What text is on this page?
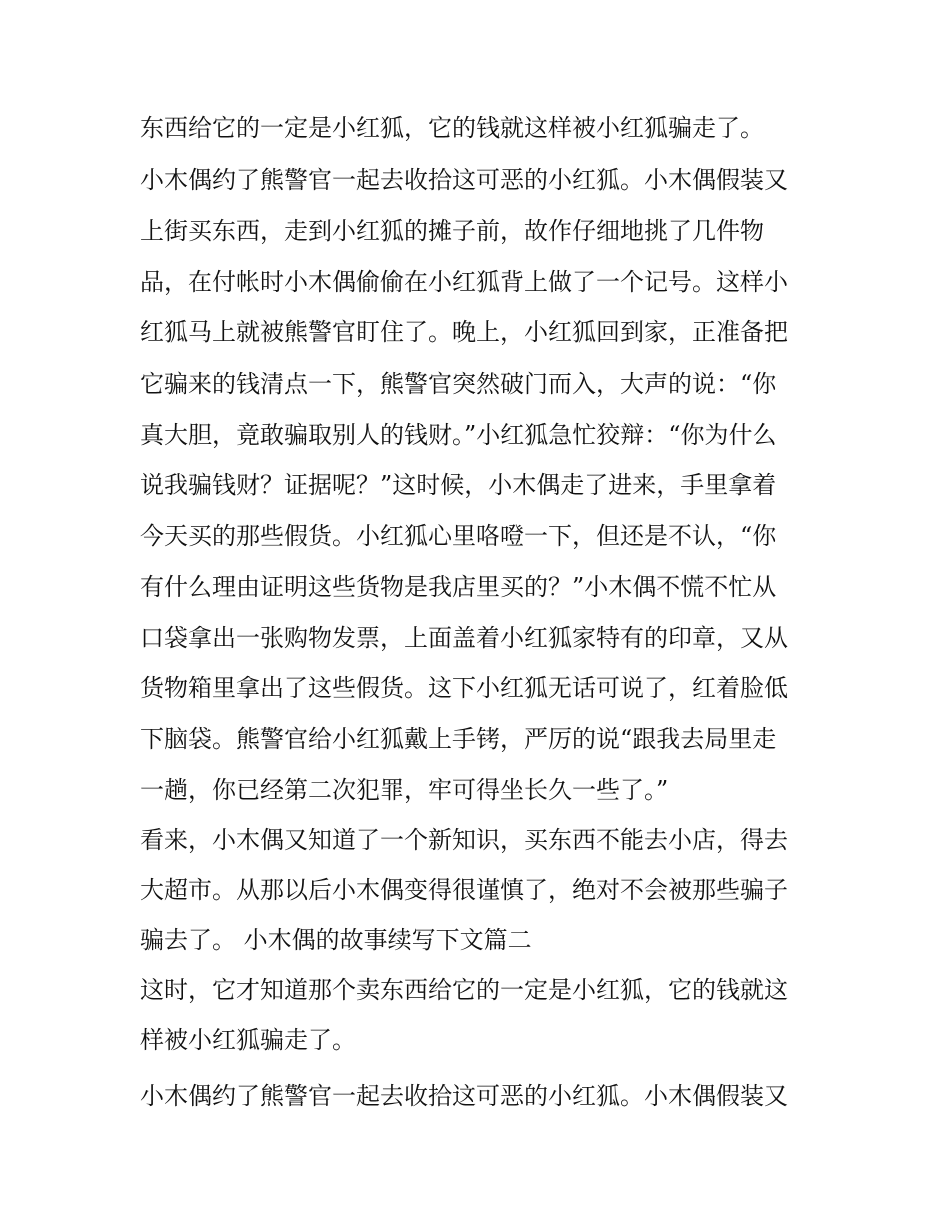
东西给它的一定是小红狐，它的钱就这样被小红狐骗走了。
小木偶约了熊警官一起去收拾这可恶的小红狐。小木偶假装又
上街买东西，走到小红狐的摊子前，故作仔细地挑了几件物
品，在付帐时小木偶偷偷在小红狐背上做了一个记号。这样小
红狐马上就被熊警官盯住了。晚上，小红狐回到家，正准备把
它骗来的钱清点一下，熊警官突然破门而入，大声的说：“你
真大胆，竟敢骗取别人的钱财。”小红狐急忙狡辩：“你为什么
说我骗钱财？证据呢？”这时候，小木偶走了进来，手里拿着
今天买的那些假货。小红狐心里咯噔一下，但还是不认，“你
有什么理由证明这些货物是我店里买的？”小木偶不慌不忙从
口袋拿出一张购物发票，上面盖着小红狐家特有的印章，又从
货物箱里拿出了这些假货。这下小红狐无话可说了，红着脸低
下脑袋。熊警官给小红狐戴上手铐，严厉的说“跟我去局里走
一趟，你已经第二次犯罪，牢可得坐长久一些了。”
看来，小木偶又知道了一个新知识，买东西不能去小店，得去
大超市。从那以后小木偶变得很谨慎了，绝对不会被那些骗子
骗去了。 小木偶的故事续写下文篇二
这时，它才知道那个卖东西给它的一定是小红狐，它的钱就这
样被小红狐骗走了。
小木偶约了熊警官一起去收拾这可恶的小红狐。小木偶假装又
